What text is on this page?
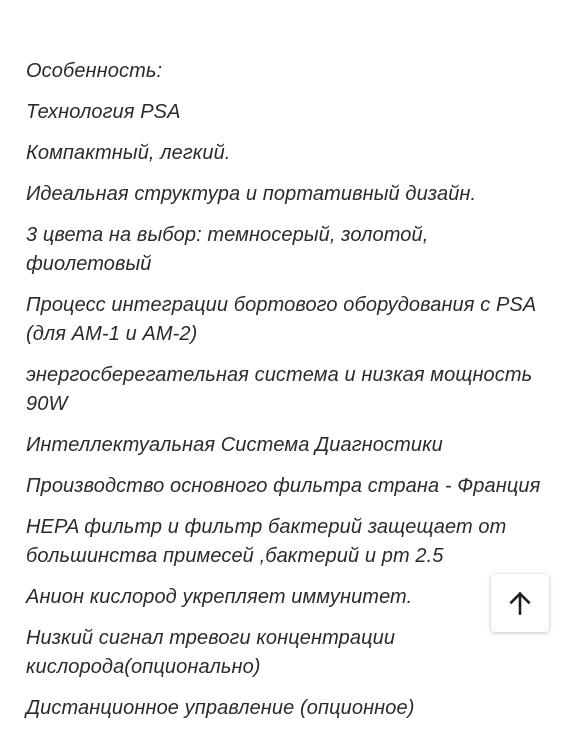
Особенность:
Технология PSA
Компактный, легкий.
Идеальная структура и портативный дизайн.
3 цвета на выбор: темносерый, золотой, фиолетовый
Процесс интеграции бортового оборудования с PSA (для AM-1 и AM-2)
энергосберегательная система и низкая мощность 90W
Интеллектуальная Система Диагностики
Производство основного фильтра страна - Франция
HEPA фильтр и фильтр бактерий защещает от большинства примесей ,бактерий и pm 2.5
Анион кислород укрепляет иммунитет.
Низкий сигнал тревоги концентрации кислорода(опционально)
Дистанционное управление (опционное)
